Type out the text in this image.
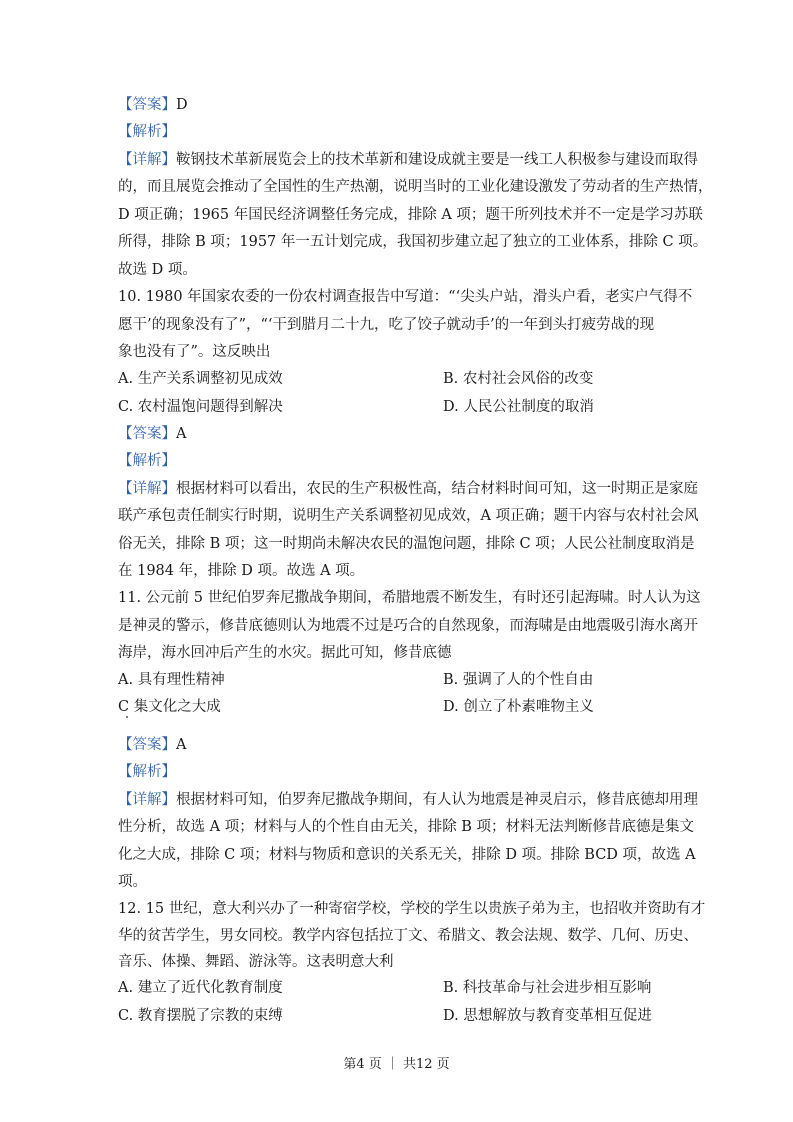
【答案】D
【解析】
【详解】鞍钢技术革新展览会上的技术革新和建设成就主要是一线工人积极参与建设而取得
的，而且展览会推动了全国性的生产热潮，说明当时的工业化建设激发了劳动者的生产热情，
D 项正确；1965 年国民经济调整任务完成，排除 A 项；题干所列技术并不一定是学习苏联
所得，排除 B 项；1957 年一五计划完成，我国初步建立起了独立的工业体系，排除 C 项。
故选 D 项。
10. 1980 年国家农委的一份农村调查报告中写道：“‘尖头户站，滑头户看，老实户气得不
愿干’的现象没有了”，“‘干到腊月二十九，吃了饺子就动手’的一年到头打疲劳战的现
象也没有了”。这反映出
A. 生产关系调整初见成效	B. 农村社会风俗的改变
C. 农村温饱问题得到解决	D. 人民公社制度的取消
【答案】A
【解析】
【详解】根据材料可以看出，农民的生产积极性高，结合材料时间可知，这一时期正是家庭
联产承包责任制实行时期，说明生产关系调整初见成效，A 项正确；题干内容与农村社会风
俗无关，排除 B 项；这一时期尚未解决农民的温饱问题，排除 C 项；人民公社制度取消是
在 1984 年，排除 D 项。故选 A 项。
11. 公元前 5 世纪伯罗奔尼撒战争期间，希腊地震不断发生，有时还引起海啸。时人认为这
是神灵的警示，修昔底德则认为地震不过是巧合的自然现象，而海啸是由地震吸引海水离开
海岸，海水回冲后产生的水灾。据此可知，修昔底德
A. 具有理性精神	B. 强调了人的个性自由
C 集文化之大成	D. 创立了朴素唯物主义
【答案】A
【解析】
【详解】根据材料可知，伯罗奔尼撒战争期间，有人认为地震是神灵启示，修昔底德却用理
性分析，故选 A 项；材料与人的个性自由无关，排除 B 项；材料无法判断修昔底德是集文
化之大成，排除 C 项；材料与物质和意识的关系无关，排除 D 项。排除 BCD 项，故选 A
项。
12. 15 世纪，意大利兴办了一种寄宿学校，学校的学生以贵族子弟为主，也招收并资助有才
华的贫苦学生，男女同校。教学内容包括拉丁文、希腊文、教会法规、数学、几何、历史、
音乐、体操、舞蹈、游泳等。这表明意大利
A. 建立了近代化教育制度	B. 科技革命与社会进步相互影响
C. 教育摆脱了宗教的束缚	D. 思想解放与教育变革相互促进
第4 页 ｜ 共12 页
